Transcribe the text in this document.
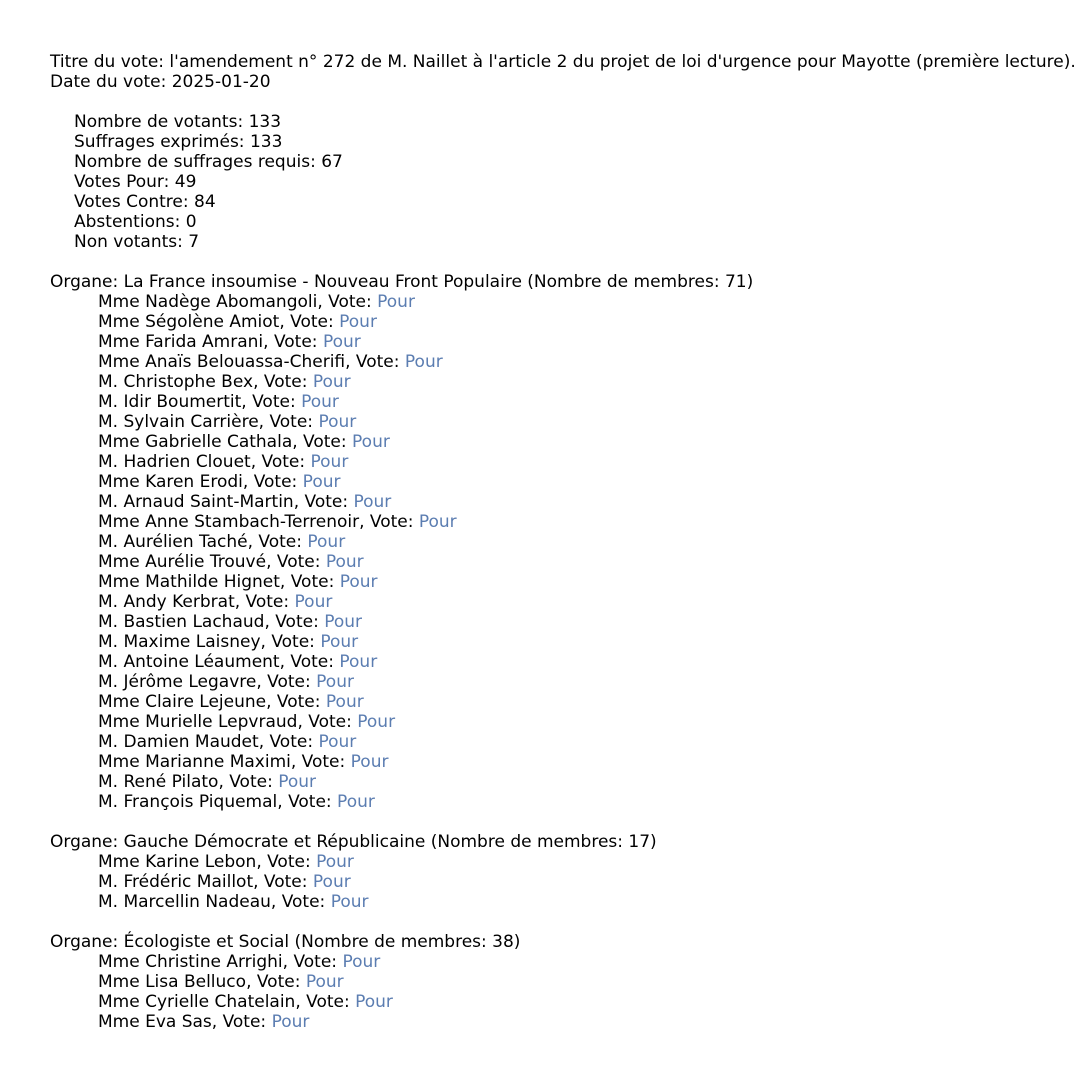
Titre du vote: l'amendement n° 272 de M. Naillet à l'article 2 du projet de loi d'urgence pour Mayotte (première lecture).
Date du vote: 2025-01-20
Nombre de votants: 133
Suffrages exprimés: 133
Nombre de suffrages requis: 67
Votes Pour: 49
Votes Contre: 84
Abstentions: 0
Non votants: 7
Organe: La France insoumise - Nouveau Front Populaire (Nombre de membres: 71)
Mme Nadège Abomangoli, Vote: Pour
Mme Ségolène Amiot, Vote: Pour
Mme Farida Amrani, Vote: Pour
Mme Anaïs Belouassa-Cherifi, Vote: Pour
M. Christophe Bex, Vote: Pour
M. Idir Boumertit, Vote: Pour
M. Sylvain Carrière, Vote: Pour
Mme Gabrielle Cathala, Vote: Pour
M. Hadrien Clouet, Vote: Pour
Mme Karen Erodi, Vote: Pour
M. Arnaud Saint-Martin, Vote: Pour
Mme Anne Stambach-Terrenoir, Vote: Pour
M. Aurélien Taché, Vote: Pour
Mme Aurélie Trouvé, Vote: Pour
Mme Mathilde Hignet, Vote: Pour
M. Andy Kerbrat, Vote: Pour
M. Bastien Lachaud, Vote: Pour
M. Maxime Laisney, Vote: Pour
M. Antoine Léaument, Vote: Pour
M. Jérôme Legavre, Vote: Pour
Mme Claire Lejeune, Vote: Pour
Mme Murielle Lepvraud, Vote: Pour
M. Damien Maudet, Vote: Pour
Mme Marianne Maximi, Vote: Pour
M. René Pilato, Vote: Pour
M. François Piquemal, Vote: Pour
Organe: Gauche Démocrate et Républicaine (Nombre de membres: 17)
Mme Karine Lebon, Vote: Pour
M. Frédéric Maillot, Vote: Pour
M. Marcellin Nadeau, Vote: Pour
Organe: Écologiste et Social (Nombre de membres: 38)
Mme Christine Arrighi, Vote: Pour
Mme Lisa Belluco, Vote: Pour
Mme Cyrielle Chatelain, Vote: Pour
Mme Eva Sas, Vote: Pour
